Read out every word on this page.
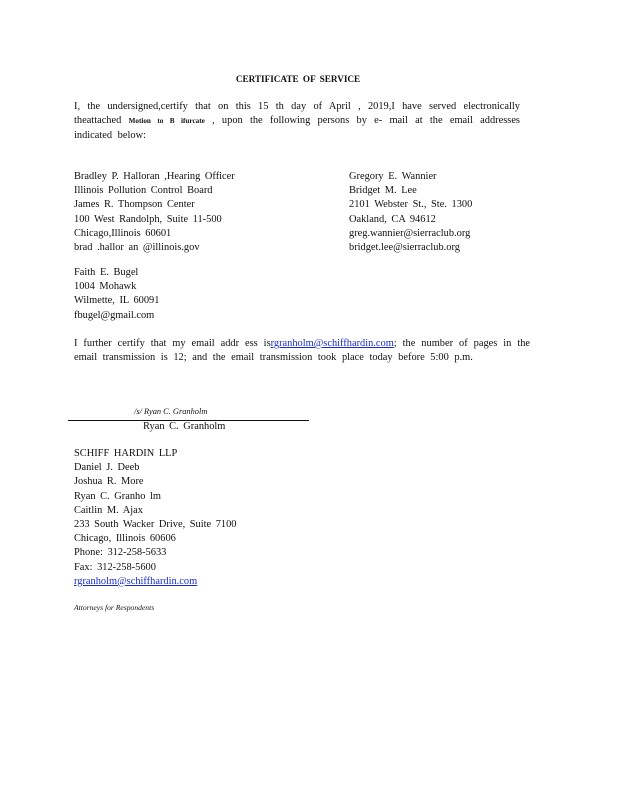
CERTIFICATE OF SERVICE
I, the undersigned,certify that on this 15 th day of April , 2019,I have served electronically theattached Motion to B ifurcate , upon the following persons by e- mail at the email addresses indicated below:
Bradley P. Halloran ,Hearing Officer
Illinois Pollution Control Board
James R. Thompson Center
100 West Randolph, Suite 11-500
Chicago,Illinois 60601
brad .hallor an @illinois.gov
Gregory E. Wannier
Bridget M. Lee
2101 Webster St., Ste. 1300
Oakland, CA 94612
greg.wannier@sierraclub.org
bridget.lee@sierraclub.org
Faith E. Bugel
1004 Mohawk
Wilmette, IL 60091
fbugel@gmail.com
I further certify that my email addr ess isrgranholm@schiffhardin.com; the number of pages in the email transmission is 12; and the email transmission took place today before 5:00 p.m.
/s/ Ryan C. Granholm
Ryan C. Granholm
SCHIFF HARDIN LLP
Daniel J. Deeb
Joshua R. More
Ryan C. Granho lm
Caitlin M. Ajax
233 South Wacker Drive, Suite 7100
Chicago, Illinois 60606
Phone: 312-258-5633
Fax: 312-258-5600
rgranholm@schiffhardin.com
Attorneys for Respondents
